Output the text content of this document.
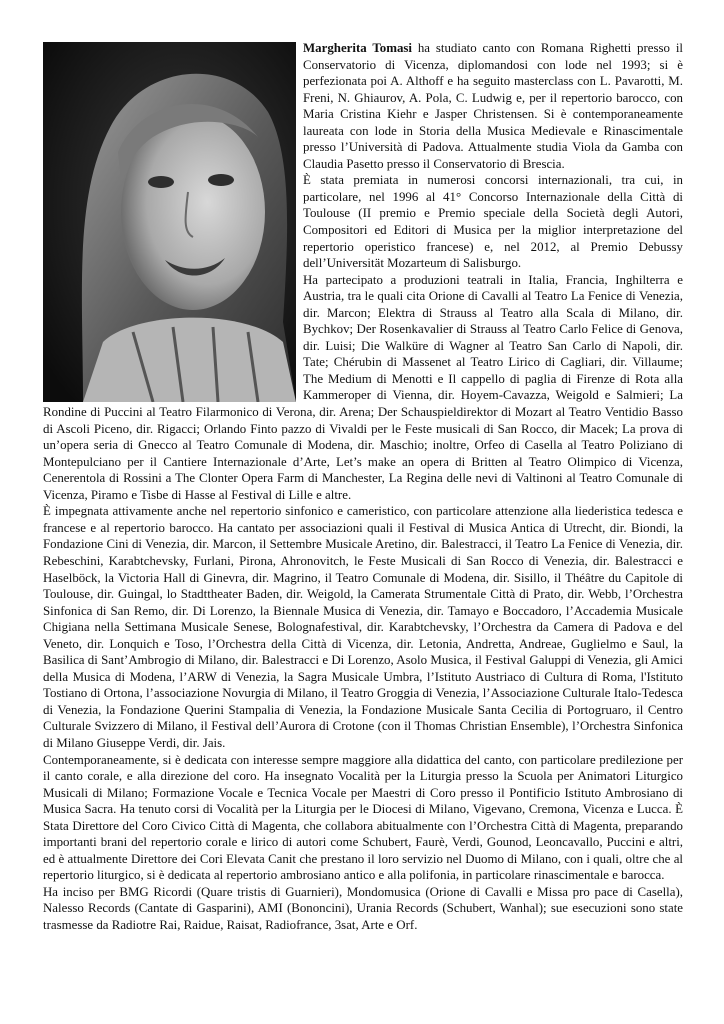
Margherita Tomasi ha studiato canto con Romana Righetti presso il Conservatorio di Vicenza, diplomandosi con lode nel 1993; si è perfezionata poi A. Althoff e ha seguito masterclass con L. Pavarotti, M. Freni, N. Ghiaurov, A. Pola, C. Ludwig e, per il repertorio barocco, con Maria Cristina Kiehr e Jasper Christensen. Si è contemporaneamente laureata con lode in Storia della Musica Medievale e Rinascimentale presso l’Università di Padova. Attualmente studia Viola da Gamba con Claudia Pasetto presso il Conservatorio di Brescia.

È stata premiata in numerosi concorsi internazionali, tra cui, in particolare, nel 1996 al 41° Concorso Internazionale della Città di Toulouse (II premio e Premio speciale della Società degli Autori, Compositori ed Editori di Musica per la miglior interpretazione del repertorio operistico francese) e, nel 2012, al Premio Debussy dell’Universität Mozarteum di Salisburgo.

Ha partecipato a produzioni teatrali in Italia, Francia, Inghilterra e Austria, tra le quali cita Orione di Cavalli al Teatro La Fenice di Venezia, dir. Marcon; Elektra di Strauss al Teatro alla Scala di Milano, dir. Bychkov; Der Rosenkavalier di Strauss al Teatro Carlo Felice di Genova, dir. Luisi; Die Walküre di Wagner al Teatro San Carlo di Napoli, dir. Tate; Chérubin di Massenet al Teatro Lirico di Cagliari, dir. Villaume; The Medium di Menotti e Il cappello di paglia di Firenze di Rota alla Kammeroper di Vienna, dir. Hoyem-Cavazza, Weigold e Salmieri; La Rondine di Puccini al Teatro Filarmonico di Verona, dir. Arena; Der Schauspieldirektor di Mozart al Teatro Ventidio Basso di Ascoli Piceno, dir. Rigacci; Orlando Finto pazzo di Vivaldi per le Feste musicali di San Rocco, dir Macek; La prova di un’opera seria di Gnecco al Teatro Comunale di Modena, dir. Maschio; inoltre, Orfeo di Casella al Teatro Poliziano di Montepulciano per il Cantiere Internazionale d’Arte, Let’s make an opera di Britten al Teatro Olimpico di Vicenza, Cenerentola di Rossini a The Clonter Opera Farm di Manchester, La Regina delle nevi di Valtinoni al Teatro Comunale di Vicenza, Piramo e Tisbe di Hasse al Festival di Lille e altre.

È impegnata attivamente anche nel repertorio sinfonico e cameristico, con particolare attenzione alla liederistica tedesca e francese e al repertorio barocco. Ha cantato per associazioni quali il Festival di Musica Antica di Utrecht, dir. Biondi, la Fondazione Cini di Venezia, dir. Marcon, il Settembre Musicale Aretino, dir. Balestracci, il Teatro La Fenice di Venezia, dir. Rebeschini, Karabtchevsky, Furlani, Pirona, Ahronovitch, le Feste Musicali di San Rocco di Venezia, dir. Balestracci e Haselböck, la Victoria Hall di Ginevra, dir. Magrino, il Teatro Comunale di Modena, dir. Sisillo, il Théâtre du Capitole di Toulouse, dir. Guingal, lo Stadttheater Baden, dir. Weigold, la Camerata Strumentale Città di Prato, dir. Webb, l’Orchestra Sinfonica di San Remo, dir. Di Lorenzo, la Biennale Musica di Venezia, dir. Tamayo e Boccadoro, l’Accademia Musicale Chigiana nella Settimana Musicale Senese, Bolognafestival, dir. Karabtchevsky, l’Orchestra da Camera di Padova e del Veneto, dir. Lonquich e Toso, l’Orchestra della Città di Vicenza, dir. Letonia, Andretta, Andreae, Guglielmo e Saul, la Basilica di Sant’Ambrogio di Milano, dir. Balestracci e Di Lorenzo, Asolo Musica, il Festival Galuppi di Venezia, gli Amici della Musica di Modena, l’ARW di Venezia, la Sagra Musicale Umbra, l’Istituto Austriaco di Cultura di Roma, l'Istituto Tostiano di Ortona, l’associazione Novurgia di Milano, il Teatro Groggia di Venezia, l’Associazione Culturale Italo-Tedesca di Venezia, la Fondazione Querini Stampalia di Venezia, la Fondazione Musicale Santa Cecilia di Portogruaro, il Centro Culturale Svizzero di Milano, il Festival dell’Aurora di Crotone (con il Thomas Christian Ensemble), l’Orchestra Sinfonica di Milano Giuseppe Verdi, dir. Jais.

Contemporaneamente, si è dedicata con interesse sempre maggiore alla didattica del canto, con particolare predilezione per il canto corale, e alla direzione del coro. Ha insegnato Vocalità per la Liturgia presso la Scuola per Animatori Liturgico Musicali di Milano; Formazione Vocale e Tecnica Vocale per Maestri di Coro presso il Pontificio Istituto Ambrosiano di Musica Sacra. Ha tenuto corsi di Vocalità per la Liturgia per le Diocesi di Milano, Vigevano, Cremona, Vicenza e Lucca. È Stata Direttore del Coro Civico Città di Magenta, che collabora abitualmente con l’Orchestra Città di Magenta, preparando importanti brani del repertorio corale e lirico di autori come Schubert, Faurè, Verdi, Gounod, Leoncavallo, Puccini e altri, ed è attualmente Direttore dei Cori Elevata Canit che prestano il loro servizio nel Duomo di Milano, con i quali, oltre che al repertorio liturgico, si è dedicata al repertorio ambrosiano antico e alla polifonia, in particolare rinascimentale e barocca.

Ha inciso per BMG Ricordi (Quare tristis di Guarnieri), Mondomusica (Orione di Cavalli e Missa pro pace di Casella), Nalesso Records (Cantate di Gasparini), AMI (Bononcini), Urania Records (Schubert, Wanhal); sue esecuzioni sono state trasmesse da Radiotre Rai, Raidue, Raisat, Radiofrance, 3sat, Arte e Orf.
